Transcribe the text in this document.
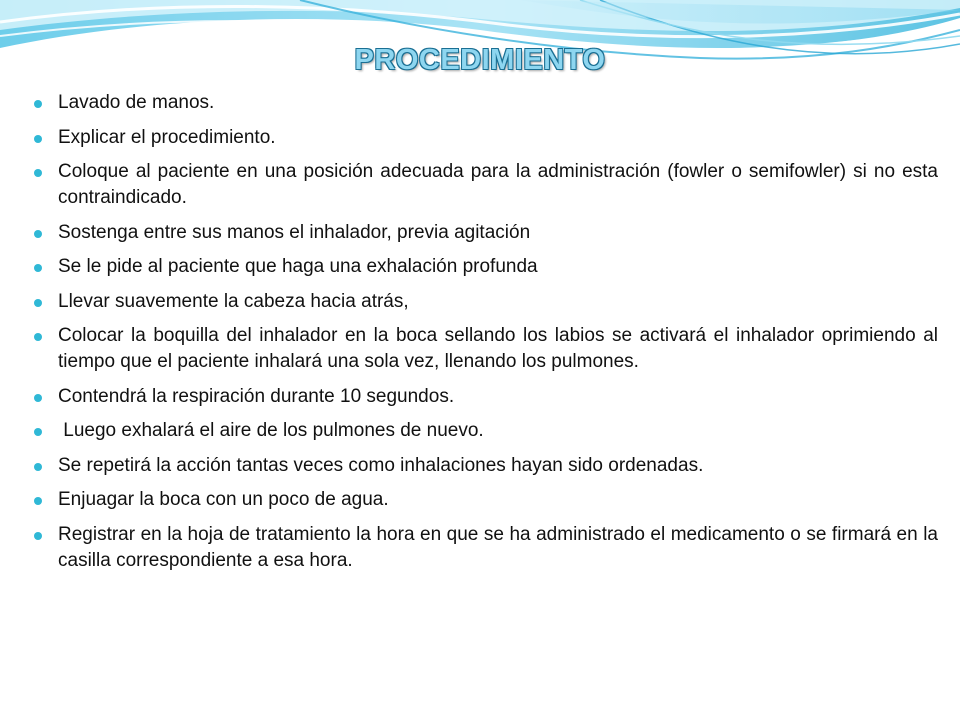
PROCEDIMIENTO
Lavado de manos.
Explicar el procedimiento.
Coloque al paciente en una posición adecuada para la administración (fowler o semifowler) si no esta contraindicado.
Sostenga entre sus manos el inhalador, previa agitación
Se le pide al paciente que haga una exhalación profunda
Llevar suavemente la cabeza hacia atrás,
Colocar la boquilla del inhalador en la boca sellando los labios se activará el inhalador oprimiendo al tiempo que el paciente inhalará una sola vez, llenando los pulmones.
Contendrá la respiración durante 10 segundos.
Luego exhalará el aire de los pulmones de nuevo.
Se repetirá la acción tantas veces como inhalaciones hayan sido ordenadas.
Enjuagar la boca con un poco de agua.
Registrar en la hoja de tratamiento la hora en que se ha administrado el medicamento o se firmará en la casilla correspondiente a esa hora.
